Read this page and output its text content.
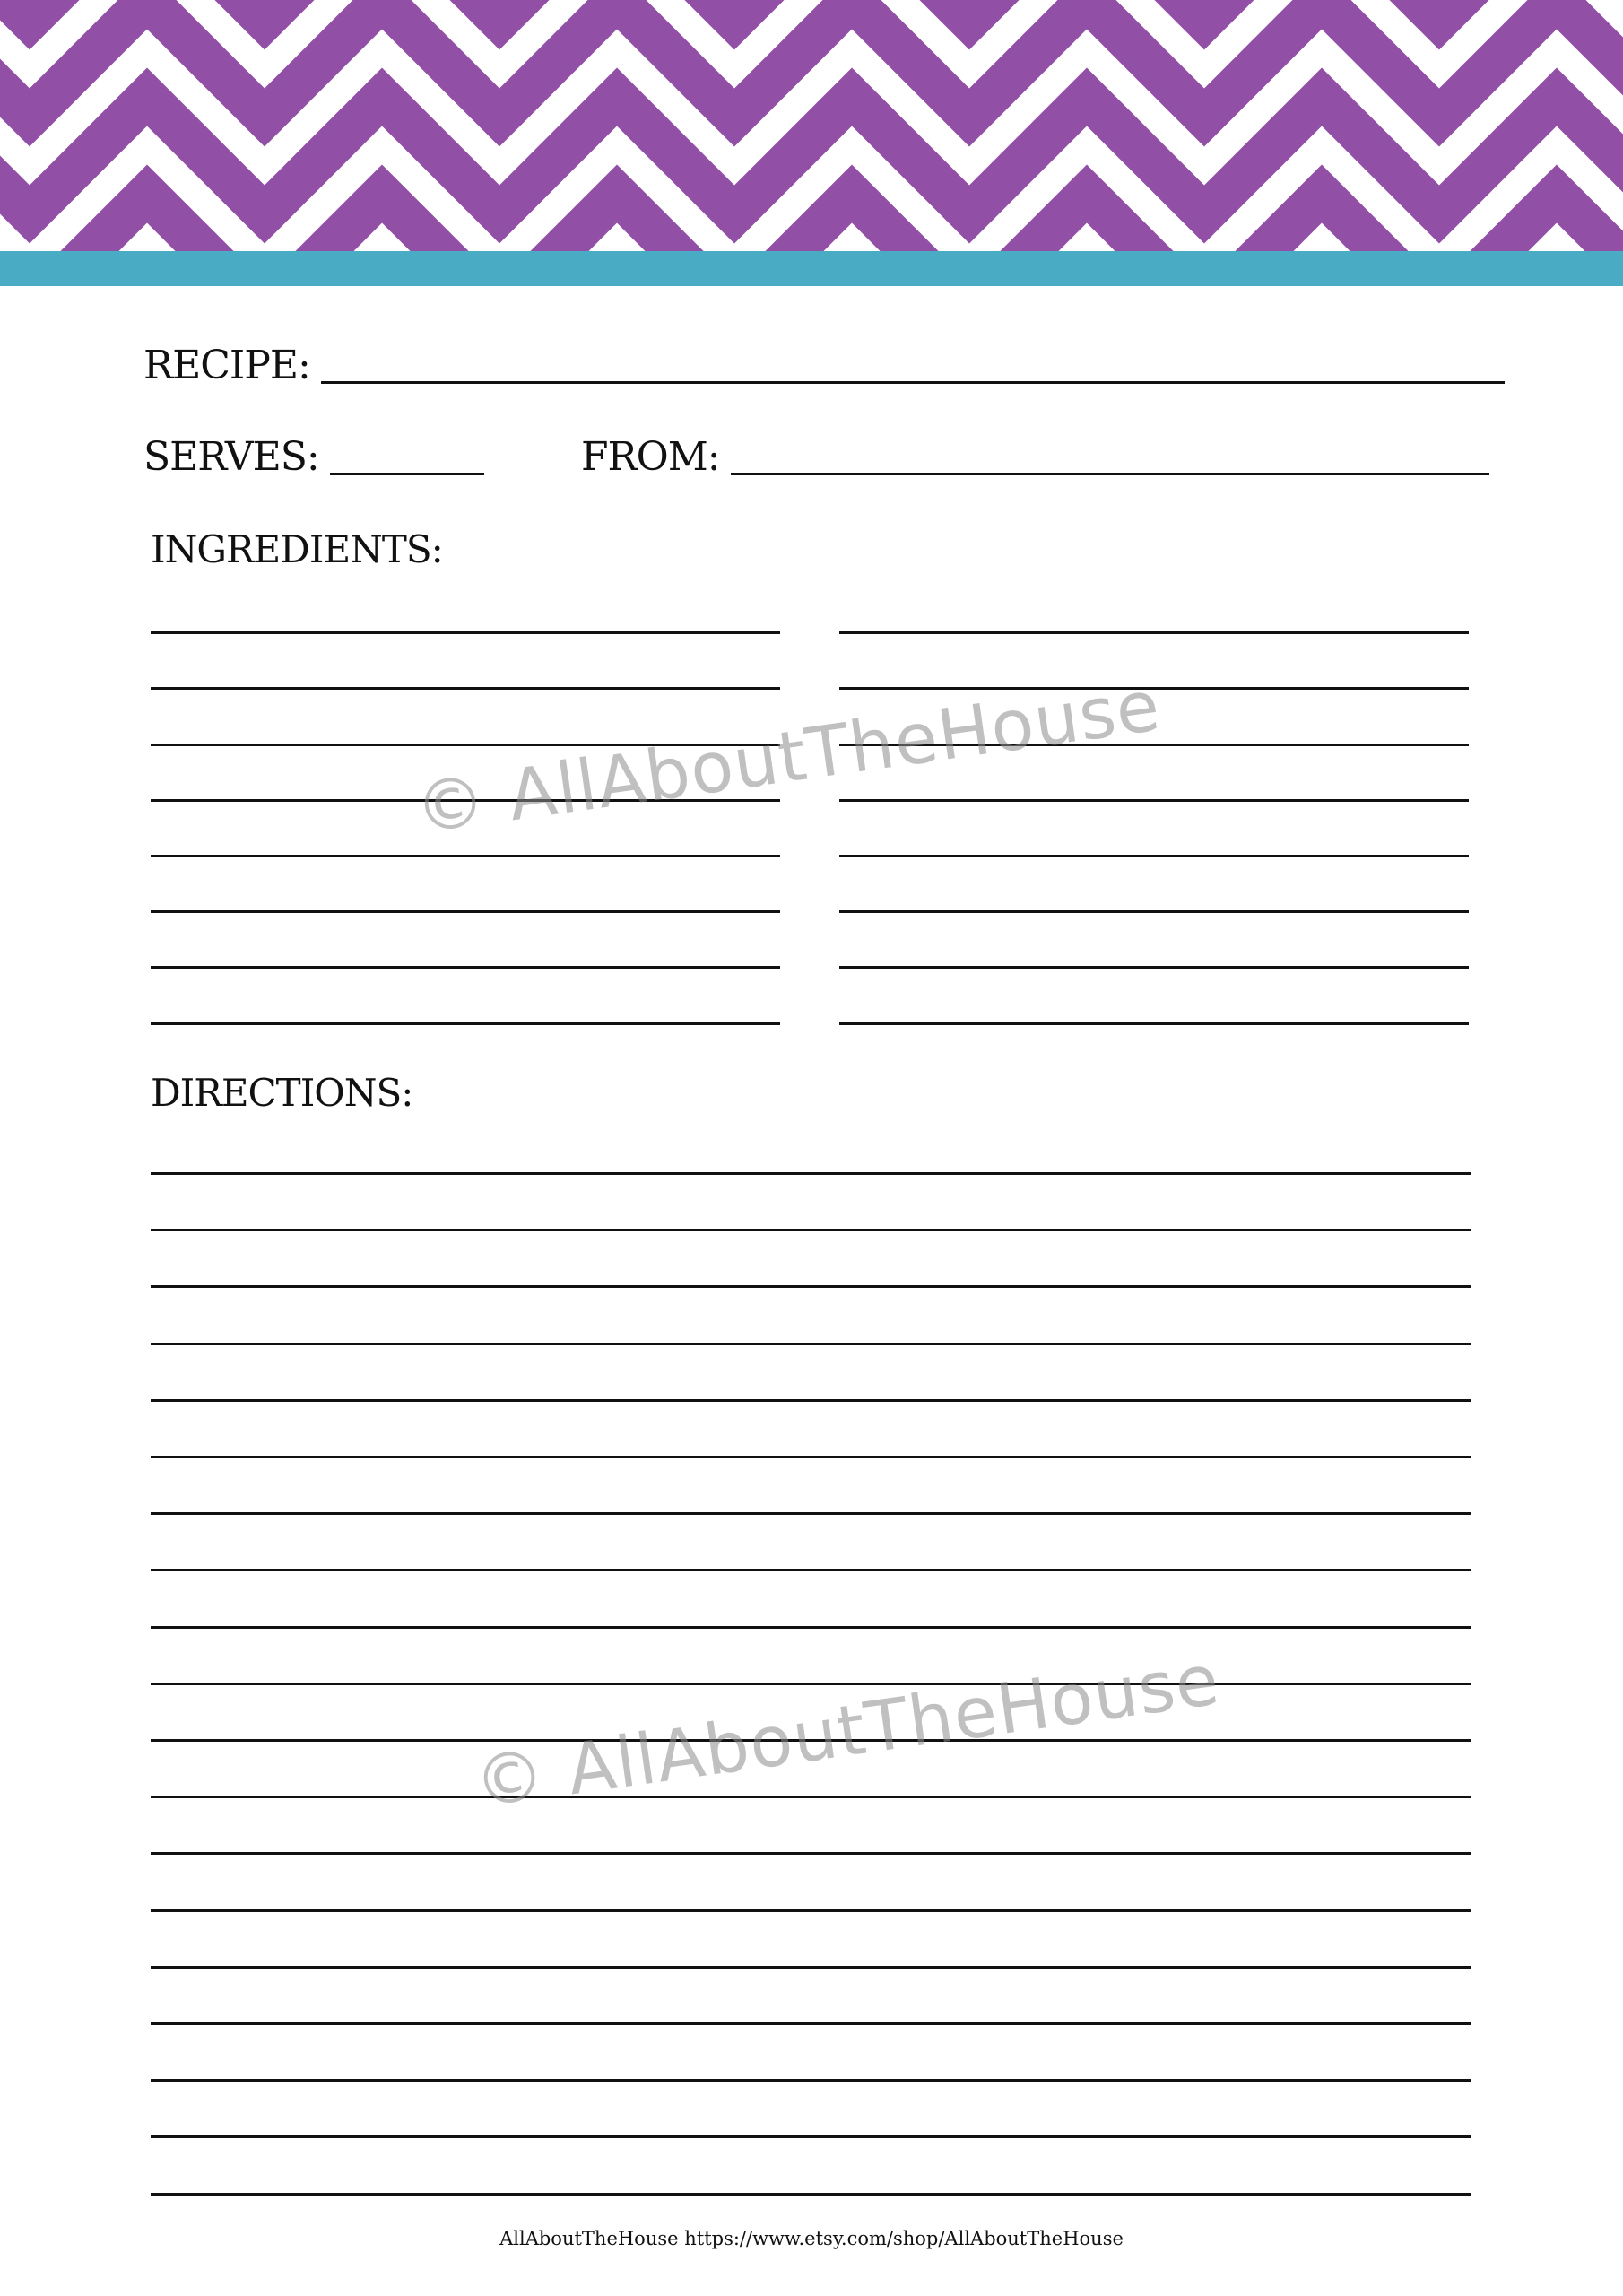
RECIPE:
SERVES:	FROM:
INGREDIENTS:
DIRECTIONS:
© AllAboutTheHouse
© AllAboutTheHouse
AllAboutTheHouse https://www.etsy.com/shop/AllAboutTheHouse
